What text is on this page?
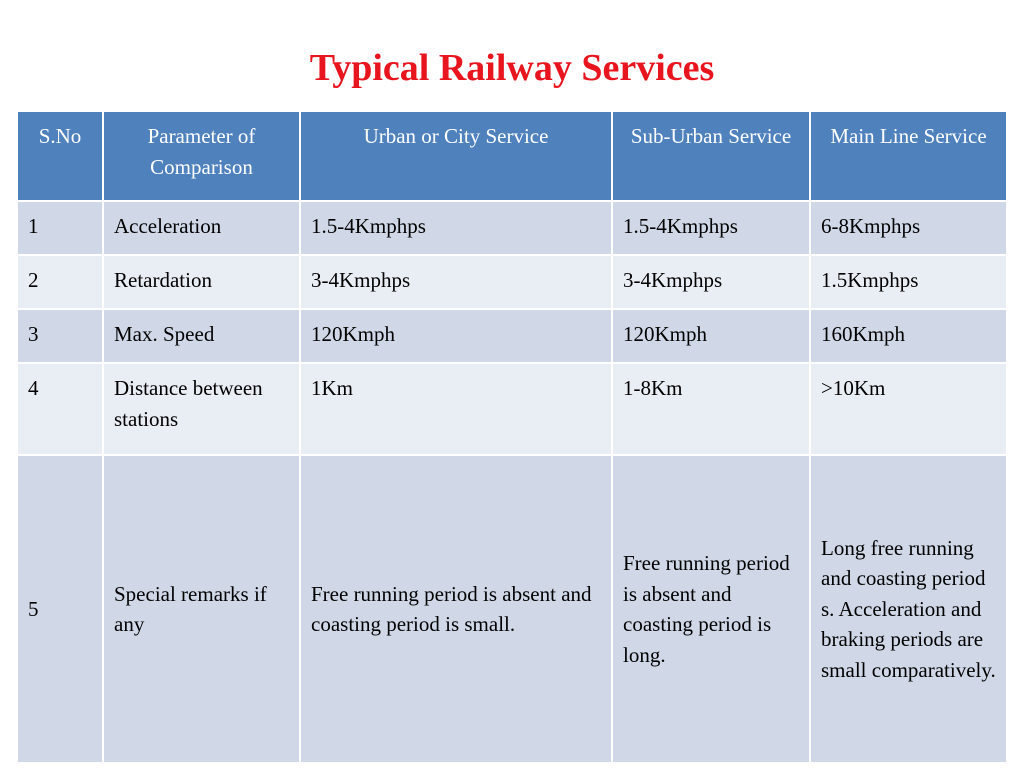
Typical Railway Services
S.No	Parameter of Comparison	Urban or City Service	Sub-Urban Service	Main Line Service
1	Acceleration	1.5-4Kmphps	1.5-4Kmphps	6-8Kmphps
2	Retardation	3-4Kmphps	3-4Kmphps	1.5Kmphps
3	Max. Speed	120Kmph	120Kmph	160Kmph
4	Distance between stations	1Km	1-8Km	>10Km
5	Special remarks if any	Free running period is absent and coasting period is small.	Free running period is absent and coasting period is long.	Long free running and coasting period s. Acceleration and braking periods are small comparatively.
